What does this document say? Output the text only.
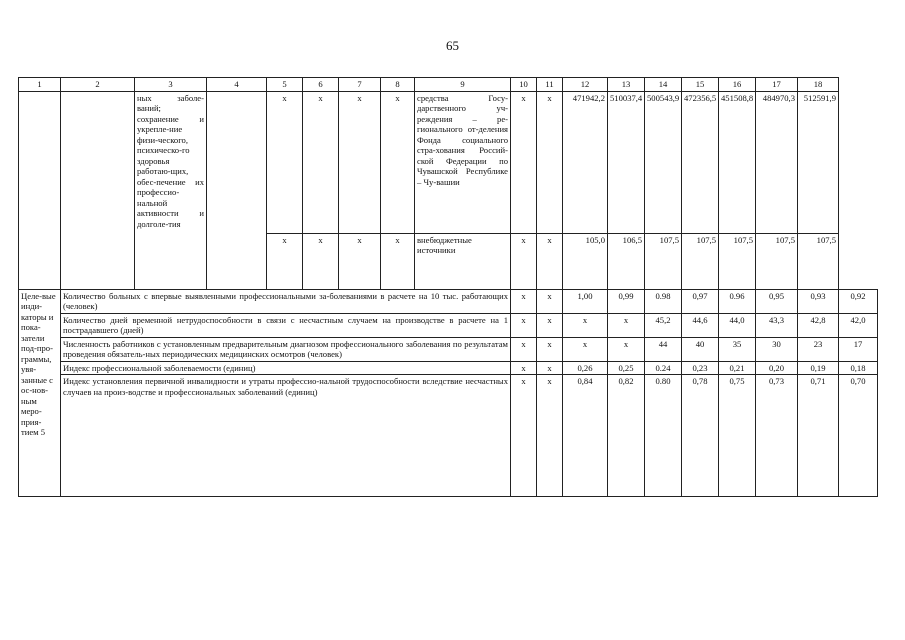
65
1	2	3	4	5	6	7	8	9	10	11	12	13	14	15	16	17	18	
		ных заболе-ваний; сохранение и укрепле-ние физи-ческого, психическо-го здоровья работаю-щих, обес-печение их профессио-нальной активности и долголе-тия		х	х	х	х	средства Госу-дарственного уч-реждения – ре-гионального от-деления Фонда социального стра-хования Россий-ской Федерации по Чувашской Республике – Чу-вашии	х	х	471942,2	510037,4	500543,9	472356,5	451508,8	484970,3	512591,9	
				х	х	х	х	внебюджетные источники	х	х	105,0	106,5	107,5	107,5	107,5	107,5	107,5	
Целе-вые инди-каторы и пока-затели под-про-граммы, увя-занные с ос-нов-ным меро-прия-тием 5	Количество больных с впервые выявленными профессиональными за-болеваниями в расчете на 10 тыс. работающих (человек)								х	х	1,00	0,99	0.98	0,97	0.96	0,95	0,93	0,92
	Количество дней временной нетрудоспособности в связи с несчастным случаем на производстве в расчете на 1 пострадавшего (дней)								х	х	х	х	45,2	44,6	44,0	43,3	42,8	42,0
	Численность работников с установленным предварительным диагнозом профессионального заболевания по результатам проведения обязатель-ных периодических медицинских осмотров (человек)								х	х	х	х	44	40	35	30	23	17
	Индекс профессиональной заболеваемости (единиц)								х	х	0,26	0,25	0.24	0,23	0,21	0,20	0,19	0,18
	Индекс установления первичной инвалидности и утраты профессио-нальной трудоспособности вследствие несчастных случаев на произ-водстве и профессиональных заболеваний (единиц)								х	х	0,84	0,82	0.80	0,78	0,75	0,73	0,71	0,70
